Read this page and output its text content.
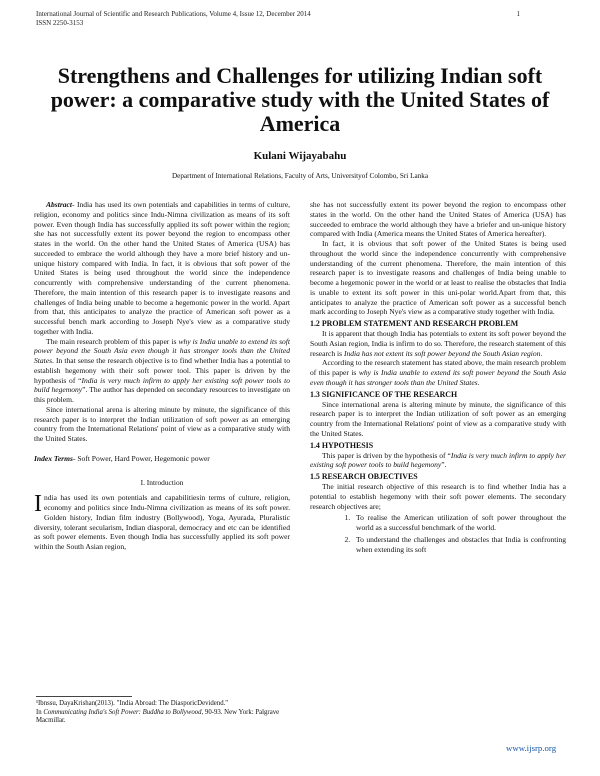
International Journal of Scientific and Research Publications, Volume 4, Issue 12, December 2014
ISSN 2250-3153
1
Strengthens and Challenges for utilizing Indian soft power: a comparative study with the United States of America
Kulani Wijayabahu
Department of International Relations, Faculty of Arts, Universityof Colombo, Sri Lanka

Abstract- India has used its own potentials and capabilities in terms of culture, religion, economy and politics since Indu-Nimna civilization as means of its soft power. Even though India has successfully applied its soft power within the region; she has not successfully extent its power beyond the region to encompass other states in the world. On the other hand the United States of America (USA) has succeeded to embrace the world although they have a more brief history and un-unique history compared with India. In fact, it is obvious that soft power of the United States is being used throughout the world since the independence concurrently with comprehensive understanding of the current phenomena. Therefore, the main intention of this research paper is to investigate reasons and challenges of India being unable to become a hegemonic power in the world. Apart from that, this anticipates to analyze the practice of American soft power as a successful bench mark according to Joseph Nye's view as a comparative study together with India.

The main research problem of this paper is why is India unable to extend its soft power beyond the South Asia even though it has stronger tools than the United States. In that sense the research objective is to find whether India has a potential to establish hegemony with their soft power tool. This paper is driven by the hypothesis of “India is very much infirm to apply her existing soft power tools to build hegemony”. The author has depended on secondary resources to investigate on this problem.

Since international arena is altering minute by minute, the significance of this research paper is to interpret the Indian utilization of soft power as an emerging country from the International Relations' point of view as a comparative study with the United States.

Index Terms- Soft Power, Hard Power, Hegemonic power

I. Introduction

India has used its own potentials and capabilitiesin terms of culture, religion, economy and politics since Indu-Nimna civilization as means of its soft power. Golden history, Indian film industry (Bollywood), Yoga, Ayurada, Pluralistic diversity, tolerant secularism, Indian diasporal, democracy and etc can be identified as soft power elements. Even though India has successfully applied its soft power within the South Asian region,

she has not successfully extent its power beyond the region to encompass other states in the world. On the other hand the United States of America (USA) has succeeded to embrace the world although they have a briefer and un-unique history compared with India (America means the United States of America hereafter).

In fact, it is obvious that soft power of the United States is being used throughout the world since the independence concurrently with comprehensive understanding of the current phenomena. Therefore, the main intention of this research paper is to investigate reasons and challenges of India being unable to become a hegemonic power in the world or at least to realise the obstacles that India is unable to extent its soft power in this uni-polar world.Apart from that, this anticipates to analyze the practice of American soft power as a successful bench mark according to Joseph Nye's view as a comparative study together with India.

1.2 PROBLEM STATEMENT AND RESEARCH PROBLEM

It is apparent that though India has potentials to extent its soft power beyond the South Asian region, India is infirm to do so. Therefore, the research statement of this research is India has not extent its soft power beyond the South Asian region.

According to the research statement has stated above, the main research problem of this paper is why is India unable to extend its soft power beyond the South Asia even though it has stronger tools than the United States.

1.3 SIGNIFICANCE OF THE RESEARCH

Since international arena is altering minute by minute, the significance of this research paper is to interpret the Indian utilization of soft power as an emerging country from the International Relations' point of view as a comparative study with the United States.

1.4 HYPOTHESIS

This paper is driven by the hypothesis of “India is very much infirm to apply her existing soft power tools to build hegemony”.

1.5 RESEARCH OBJECTIVES

The initial research objective of this research is to find whether India has a potential to establish hegemony with their soft power elements. The secondary research objectives are;

1. To realise the American utilization of soft power throughout the world as a successful benchmark of the world.
2. To understand the challenges and obstacles that India is confronting when extending its soft
¹Ibnssu, DayaKrishan(2013). "India Abroad: The DiasporicDevidend."
In Communicating India's Soft Power: Buddha to Bollywood, 90-93. New York: Palgrave Macmillar.
www.ijsrp.org
